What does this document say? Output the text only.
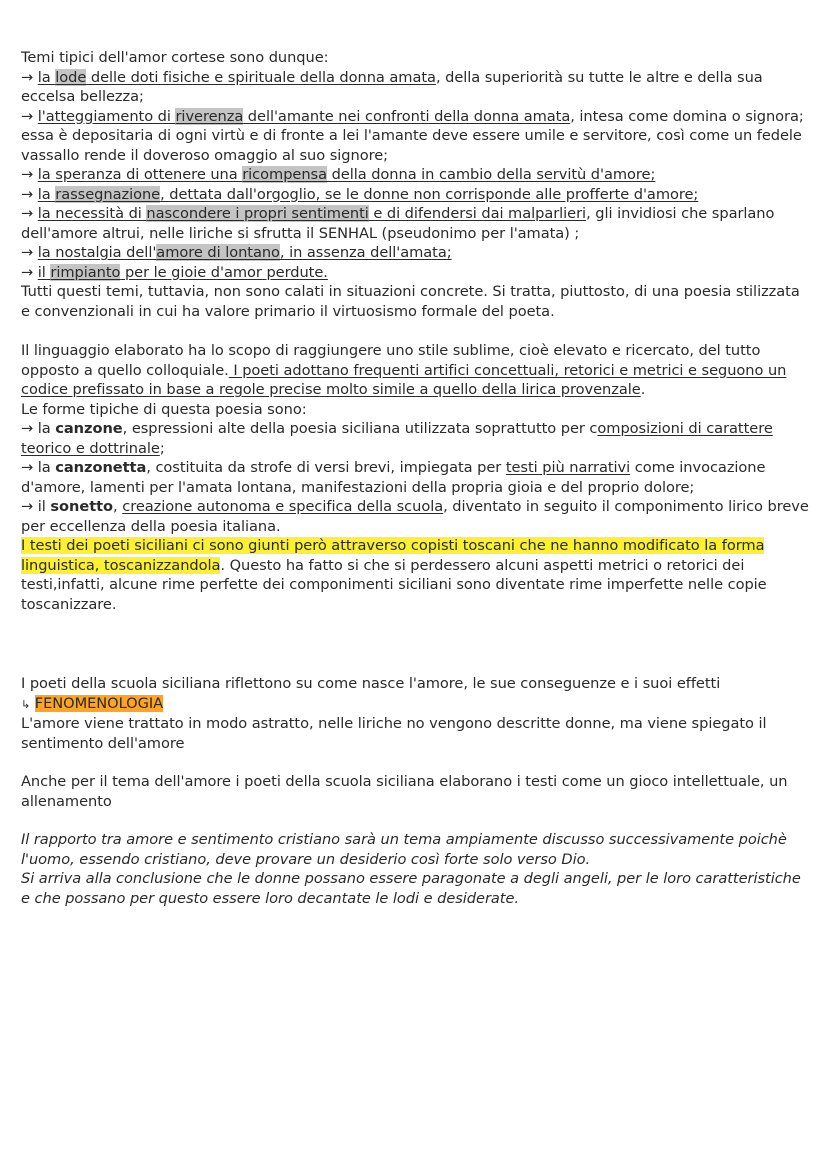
Temi tipici dell'amor cortese sono dunque:
→ la lode delle doti fisiche e spirituale della donna amata, della superiorità su tutte le altre e della sua eccelsa bellezza;
→ l'atteggiamento di riverenza dell'amante nei confronti della donna amata, intesa come domina o signora; essa è depositaria di ogni virtù e di fronte a lei l'amante deve essere umile e servitore, così come un fedele vassallo rende il doveroso omaggio al suo signore;
→ la speranza di ottenere una ricompensa della donna in cambio della servitù d'amore;
→ la rassegnazione, dettata dall'orgoglio, se le donne non corrisponde alle profferte d'amore;
→ la necessità di nascondere i propri sentimenti e di difendersi dai malparlieri, gli invidiosi che sparlano dell'amore altrui, nelle liriche si sfrutta il SENHAL (pseudonimo per l'amata) ;
→ la nostalgia dell'amore di lontano, in assenza dell'amata;
→ il rimpianto per le gioie d'amor perdute.
Tutti questi temi, tuttavia, non sono calati in situazioni concrete. Si tratta, piuttosto, di una poesia stilizzata e convenzionali in cui ha valore primario il virtuosismo formale del poeta.
Il linguaggio elaborato ha lo scopo di raggiungere uno stile sublime, cioè elevato e ricercato, del tutto opposto a quello colloquiale. I poeti adottano frequenti artifici concettuali, retorici e metrici e seguono un codice prefissato in base a regole precise molto simile a quello della lirica provenzale.
Le forme tipiche di questa poesia sono:
→ la canzone, espressioni alte della poesia siciliana utilizzata soprattutto per composizioni di carattere teorico e dottrinale;
→ la canzonetta, costituita da strofe di versi brevi, impiegata per testi più narrativi come invocazione d'amore, lamenti per l'amata lontana, manifestazioni della propria gioia e del proprio dolore;
→ il sonetto, creazione autonoma e specifica della scuola, diventato in seguito il componimento lirico breve per eccellenza della poesia italiana.
I testi dei poeti siciliani ci sono giunti però attraverso copisti toscani che ne hanno modificato la forma linguistica, toscanizzandola. Questo ha fatto si che si perdessero alcuni aspetti metrici o retorici dei testi,infatti, alcune rime perfette dei componimenti siciliani sono diventate rime imperfette nelle copie toscanizzare.
I poeti della scuola siciliana riflettono su come nasce l'amore, le sue conseguenze e i suoi effetti
↳ FENOMENOLOGIA
L'amore viene trattato in modo astratto, nelle liriche no vengono descritte donne, ma viene spiegato il sentimento dell'amore
Anche per il tema dell'amore i poeti della scuola siciliana elaborano i testi come un gioco intellettuale, un allenamento
Il rapporto tra amore e sentimento cristiano sarà un tema ampiamente discusso successivamente poichè l'uomo, essendo cristiano, deve provare un desiderio così forte solo verso Dio.
Si arriva alla conclusione che le donne possano essere paragonate a degli angeli, per le loro caratteristiche e che possano per questo essere loro decantate le lodi e desiderate.
